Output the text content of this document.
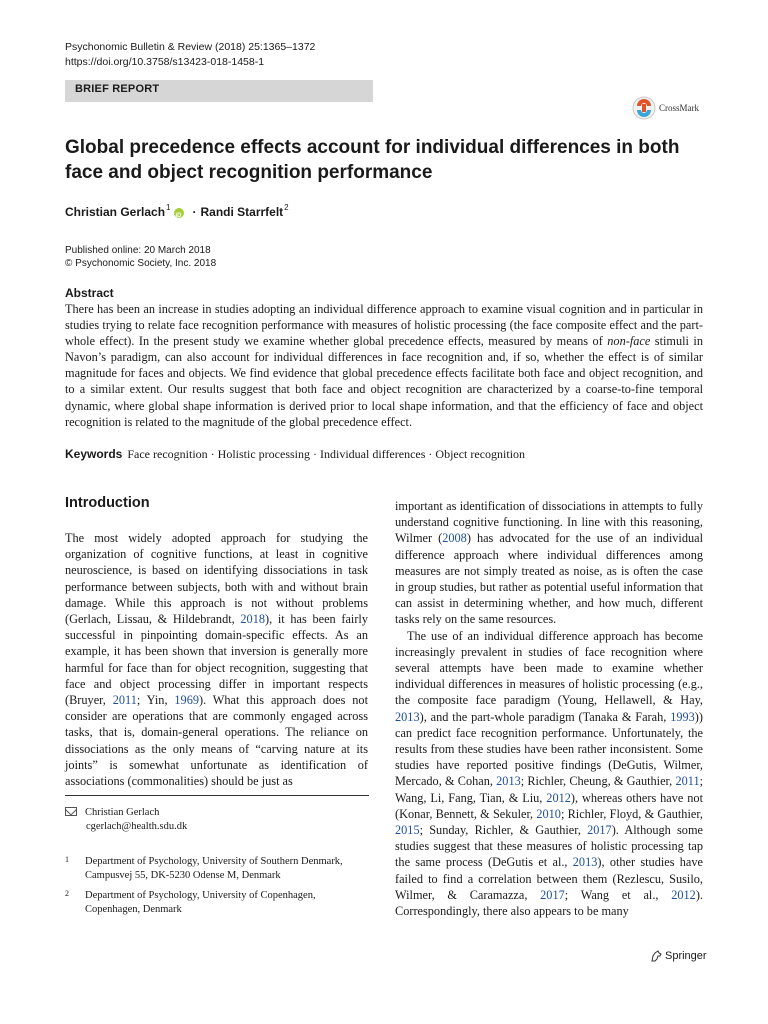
Psychonomic Bulletin & Review (2018) 25:1365–1372
https://doi.org/10.3758/s13423-018-1458-1
BRIEF REPORT
CrossMark
Global precedence effects account for individual differences in both face and object recognition performance
Christian Gerlach$^1$
iD · Randi Starrfelt$^2$
Published online: 20 March 2018
© Psychonomic Society, Inc. 2018
Abstract
There has been an increase in studies adopting an individual difference approach to examine visual cognition and in particular in studies trying to relate face recognition performance with measures of holistic processing (the face composite effect and the part-whole effect). In the present study we examine whether global precedence effects, measured by means of non-face stimuli in Navon’s paradigm, can also account for individual differences in face recognition and, if so, whether the effect is of similar magnitude for faces and objects. We find evidence that global precedence effects facilitate both face and object recognition, and to a similar extent. Our results suggest that both face and object recognition are characterized by a coarse-to-fine temporal dynamic, where global shape information is derived prior to local shape information, and that the efficiency of face and object recognition is related to the magnitude of the global precedence effect.
Keywords Face recognition · Holistic processing · Individual differences · Object recognition
Introduction

The most widely adopted approach for studying the organization of cognitive functions, at least in cognitive neuroscience, is based on identifying dissociations in task performance between subjects, both with and without brain damage. While this approach is not without problems (Gerlach, Lissau, & Hildebrandt, 2018), it has been fairly successful in pinpointing domain-specific effects. As an example, it has been shown that inversion is generally more harmful for face than for object recognition, suggesting that face and object processing differ in important respects (Bruyer, 2011; Yin, 1969). What this approach does not consider are operations that are commonly engaged across tasks, that is, domain-general operations. The reliance on dissociations as the only means of “carving nature at its joints” is somewhat unfortunate as identification of associations (commonalities) should be just as

important as identification of dissociations in attempts to fully understand cognitive functioning. In line with this reasoning, Wilmer (2008) has advocated for the use of an individual difference approach where individual differences among measures are not simply treated as noise, as is often the case in group studies, but rather as potential useful information that can assist in determining whether, and how much, different tasks rely on the same resources.

The use of an individual difference approach has become increasingly prevalent in studies of face recognition where several attempts have been made to examine whether individual differences in measures of holistic processing (e.g., the composite face paradigm (Young, Hellawell, & Hay, 2013), and the part-whole paradigm (Tanaka & Farah, 1993)) can predict face recognition performance. Unfortunately, the results from these studies have been rather inconsistent. Some studies have reported positive findings (DeGutis, Wilmer, Mercado, & Cohan, 2013; Richler, Cheung, & Gauthier, 2011; Wang, Li, Fang, Tian, & Liu, 2012), whereas others have not (Konar, Bennett, & Sekuler, 2010; Richler, Floyd, & Gauthier, 2015; Sunday, Richler, & Gauthier, 2017). Although some studies suggest that these measures of holistic processing tap the same process (DeGutis et al., 2013), other studies have failed to find a correlation between them (Rezlescu, Susilo, Wilmer, & Caramazza, 2017; Wang et al., 2012). Correspondingly, there also appears to be many

Christian Gerlach
cgerlach@health.sdu.dk
1 Department of Psychology, University of Southern Denmark,
Campusvej 55, DK-5230 Odense M, Denmark
2 Department of Psychology, University of Copenhagen,
Copenhagen, Denmark
Springer
